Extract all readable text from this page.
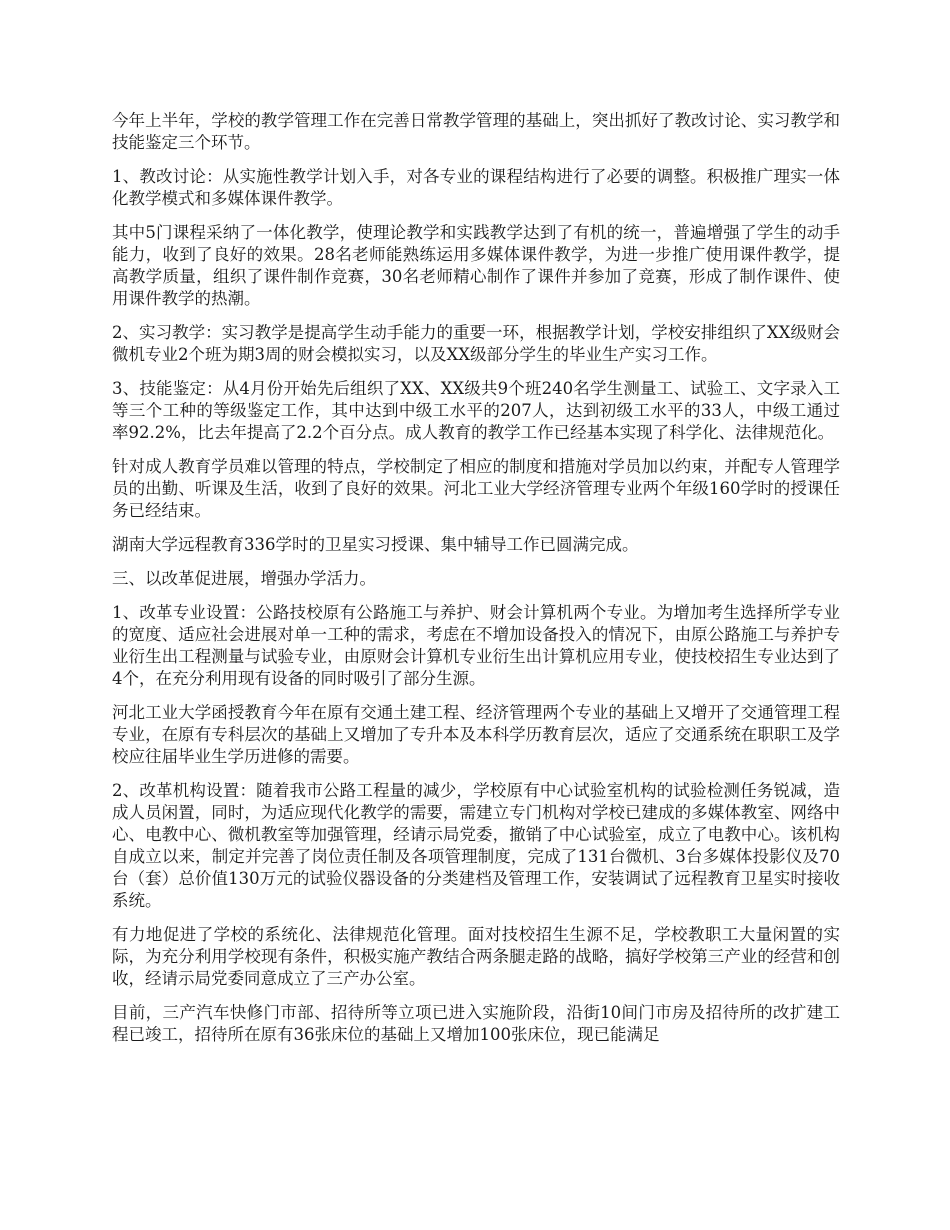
今年上半年，学校的教学管理工作在完善日常教学管理的基础上，突出抓好了教改讨论、实习教学和技能鉴定三个环节。

1、教改讨论：从实施性教学计划入手，对各专业的课程结构进行了必要的调整。积极推广理实一体化教学模式和多媒体课件教学。

其中5门课程采纳了一体化教学，使理论教学和实践教学达到了有机的统一，普遍增强了学生的动手能力，收到了良好的效果。28名老师能熟练运用多媒体课件教学，为进一步推广使用课件教学，提高教学质量，组织了课件制作竞赛，30名老师精心制作了课件并参加了竞赛，形成了制作课件、使用课件教学的热潮。

2、实习教学：实习教学是提高学生动手能力的重要一环，根据教学计划，学校安排组织了XX级财会微机专业2个班为期3周的财会模拟实习，以及XX级部分学生的毕业生产实习工作。

3、技能鉴定：从4月份开始先后组织了XX、XX级共9个班240名学生测量工、试验工、文字录入工等三个工种的等级鉴定工作，其中达到中级工水平的207人，达到初级工水平的33人，中级工通过率92.2%，比去年提高了2.2个百分点。成人教育的教学工作已经基本实现了科学化、法律规范化。

针对成人教育学员难以管理的特点，学校制定了相应的制度和措施对学员加以约束，并配专人管理学员的出勤、听课及生活，收到了良好的效果。河北工业大学经济管理专业两个年级160学时的授课任务已经结束。

湖南大学远程教育336学时的卫星实习授课、集中辅导工作已圆满完成。

三、以改革促进展，增强办学活力。

1、改革专业设置：公路技校原有公路施工与养护、财会计算机两个专业。为增加考生选择所学专业的宽度、适应社会进展对单一工种的需求，考虑在不增加设备投入的情况下，由原公路施工与养护专业衍生出工程测量与试验专业，由原财会计算机专业衍生出计算机应用专业，使技校招生专业达到了4个，在充分利用现有设备的同时吸引了部分生源。

河北工业大学函授教育今年在原有交通土建工程、经济管理两个专业的基础上又增开了交通管理工程专业，在原有专科层次的基础上又增加了专升本及本科学历教育层次，适应了交通系统在职职工及学校应往届毕业生学历进修的需要。

2、改革机构设置：随着我市公路工程量的减少，学校原有中心试验室机构的试验检测任务锐减，造成人员闲置，同时，为适应现代化教学的需要，需建立专门机构对学校已建成的多媒体教室、网络中心、电教中心、微机教室等加强管理，经请示局党委，撤销了中心试验室，成立了电教中心。该机构自成立以来，制定并完善了岗位责任制及各项管理制度，完成了131台微机、3台多媒体投影仪及70台（套）总价值130万元的试验仪器设备的分类建档及管理工作，安装调试了远程教育卫星实时接收系统。

有力地促进了学校的系统化、法律规范化管理。面对技校招生生源不足，学校教职工大量闲置的实际，为充分利用学校现有条件，积极实施产教结合两条腿走路的战略，搞好学校第三产业的经营和创收，经请示局党委同意成立了三产办公室。

目前，三产汽车快修门市部、招待所等立项已进入实施阶段，沿街10间门市房及招待所的改扩建工程已竣工，招待所在原有36张床位的基础上又增加100张床位，现已能满足
